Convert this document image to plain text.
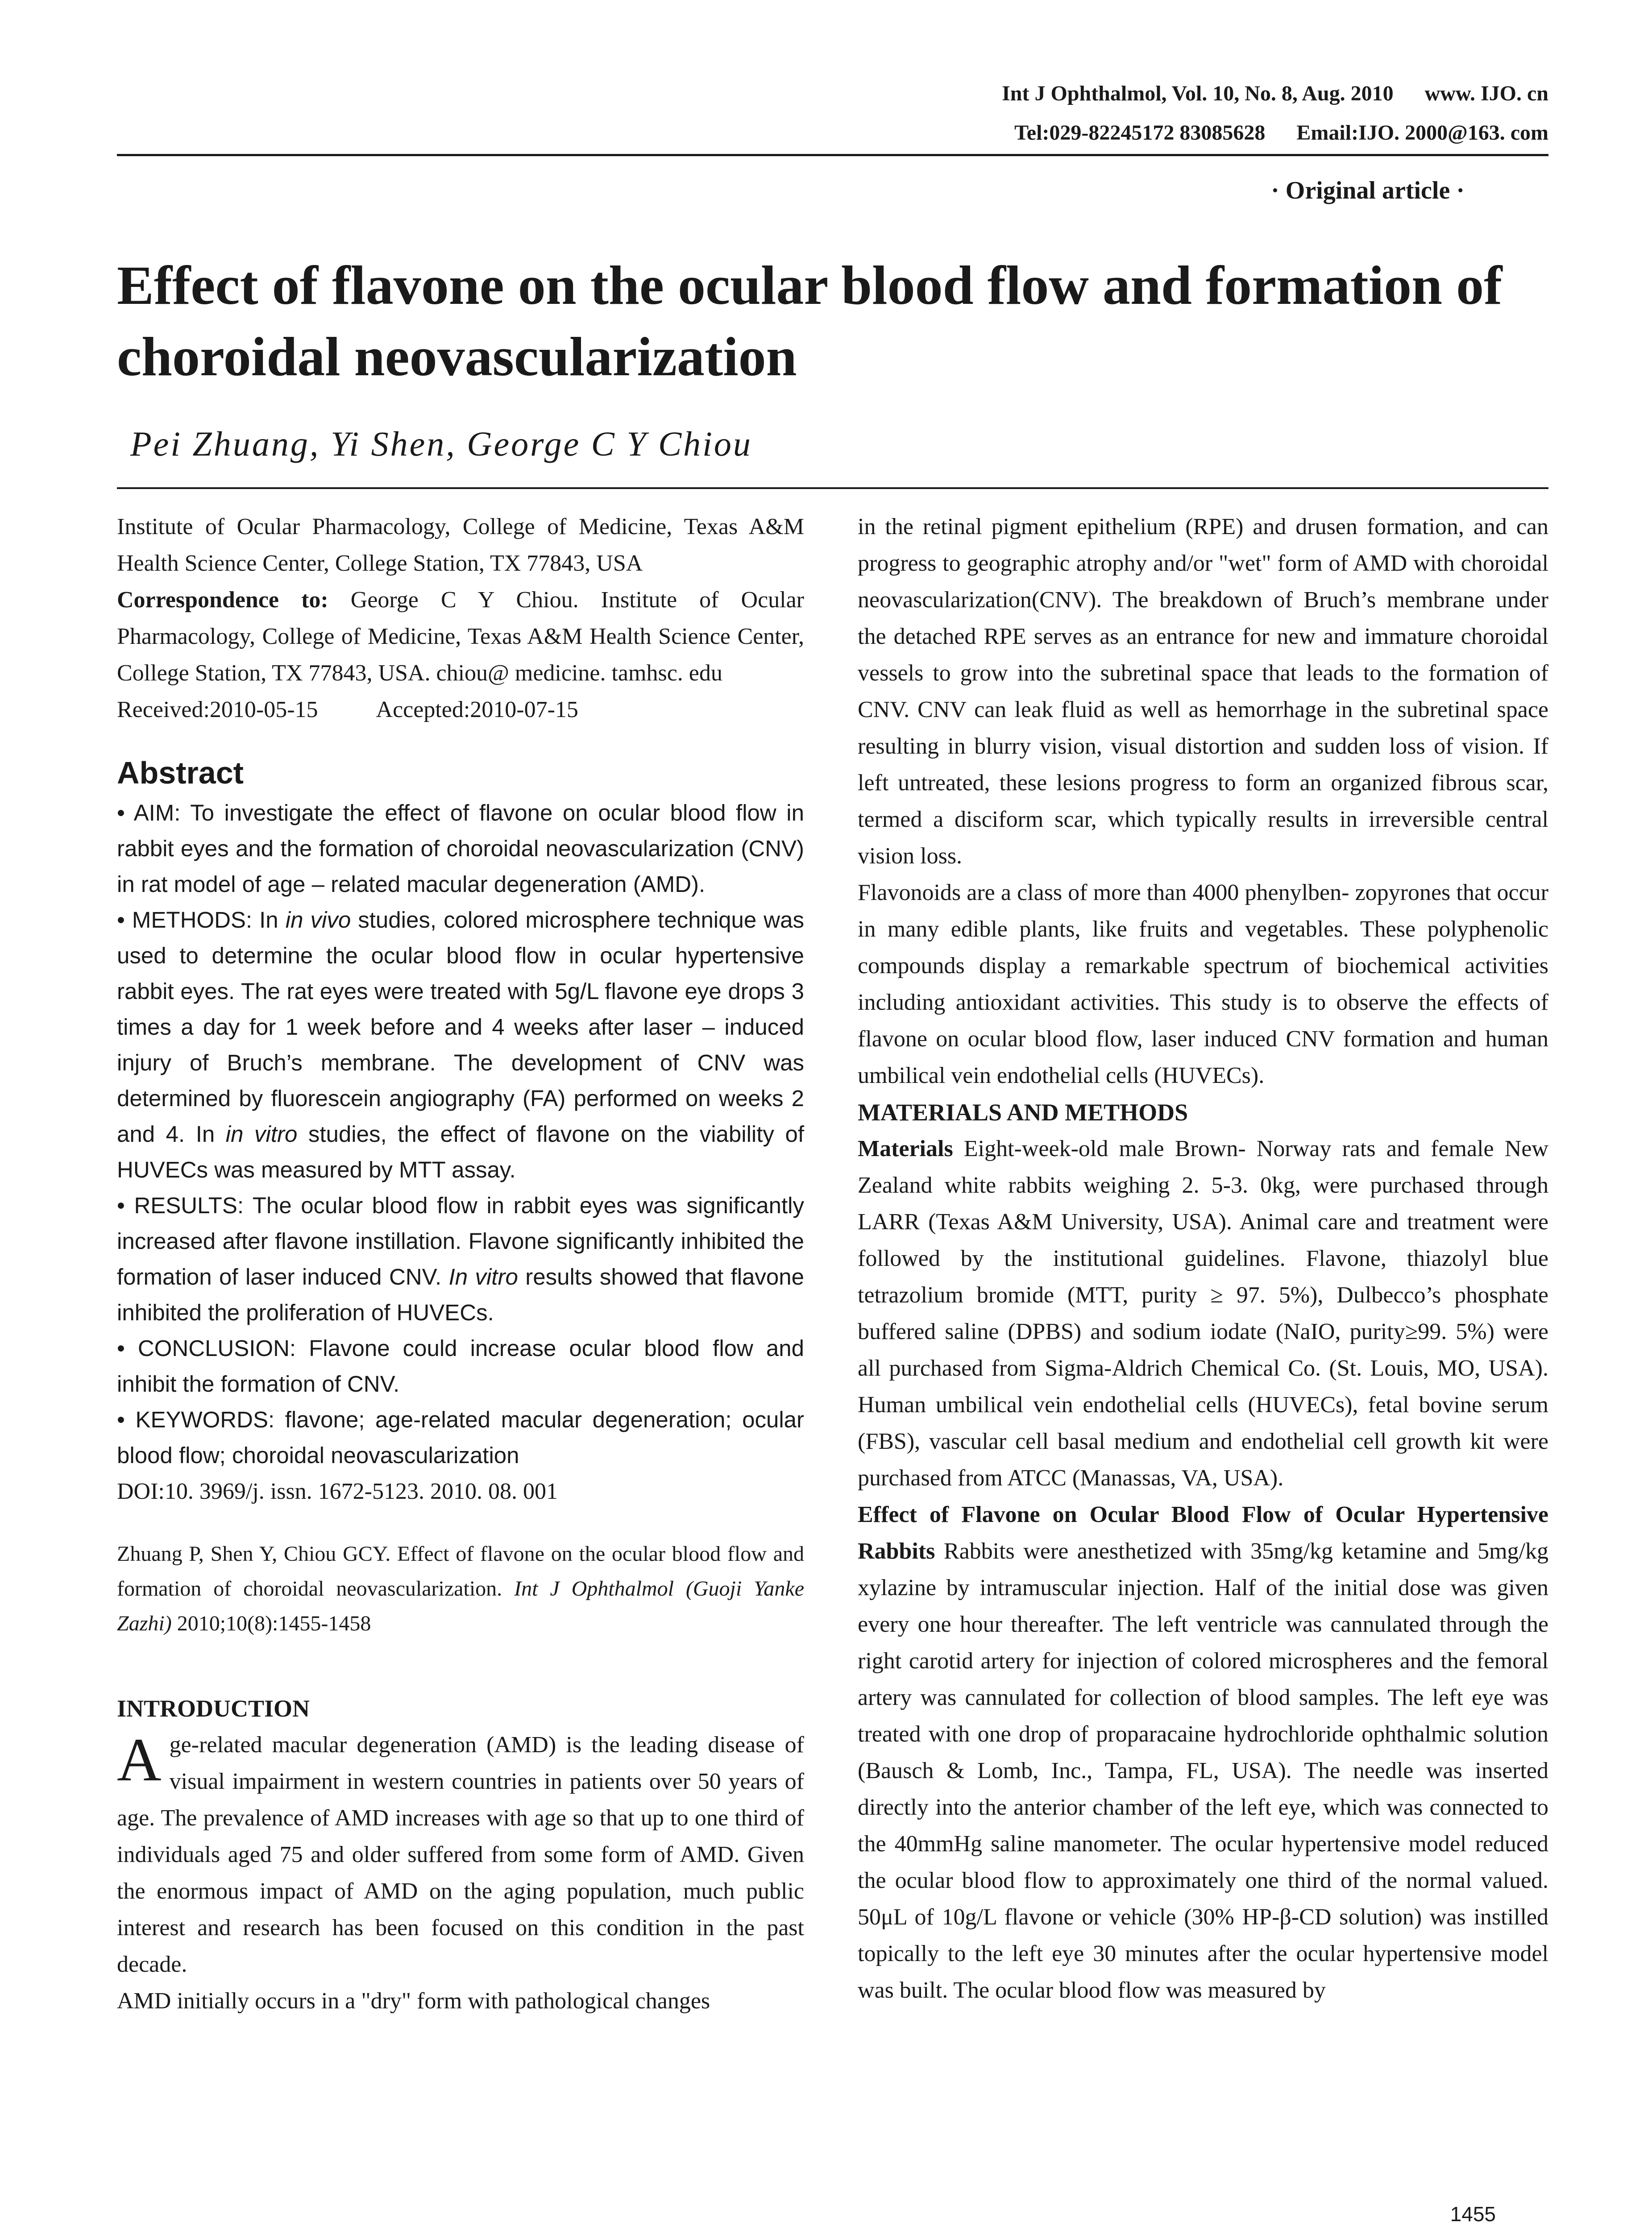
Int J Ophthalmol, Vol. 10, No. 8, Aug. 2010 www. IJO. cn
Tel:029-82245172 83085628 Email:IJO. 2000@163. com
· Original article ·
Effect of flavone on the ocular blood flow and formation of choroidal neovascularization
Pei Zhuang, Yi Shen, George C Y Chiou

Institute of Ocular Pharmacology, College of Medicine, Texas A&M Health Science Center, College Station, TX 77843, USA

Correspondence to: George C Y Chiou. Institute of Ocular Pharmacology, College of Medicine, Texas A&M Health Science Center, College Station, TX 77843, USA. chiou@ medicine. tamhsc. edu

Received:2010-05-15	Accepted:2010-07-15

Abstract

• AIM: To investigate the effect of flavone on ocular blood flow in rabbit eyes and the formation of choroidal neovascularization (CNV) in rat model of age – related macular degeneration (AMD).

• METHODS: In in vivo studies, colored microsphere technique was used to determine the ocular blood flow in ocular hypertensive rabbit eyes. The rat eyes were treated with 5g/L flavone eye drops 3 times a day for 1 week before and 4 weeks after laser – induced injury of Bruch’s membrane. The development of CNV was determined by fluorescein angiography (FA) performed on weeks 2 and 4. In in vitro studies, the effect of flavone on the viability of HUVECs was measured by MTT assay.

• RESULTS: The ocular blood flow in rabbit eyes was significantly increased after flavone instillation. Flavone significantly inhibited the formation of laser induced CNV. In vitro results showed that flavone inhibited the proliferation of HUVECs.

• CONCLUSION: Flavone could increase ocular blood flow and inhibit the formation of CNV.

• KEYWORDS: flavone; age-related macular degeneration; ocular blood flow; choroidal neovascularization

DOI:10. 3969/j. issn. 1672-5123. 2010. 08. 001

Zhuang P, Shen Y, Chiou GCY. Effect of flavone on the ocular blood flow and formation of choroidal neovascularization. Int J Ophthalmol (Guoji Yanke Zazhi) 2010;10(8):1455-1458

INTRODUCTION

Age-related macular degeneration (AMD) is the leading disease of visual impairment in western countries in patients over 50 years of age. The prevalence of AMD increases with age so that up to one third of individuals aged 75 and older suffered from some form of AMD. Given the enormous impact of AMD on the aging population, much public interest and research has been focused on this condition in the past decade.

AMD initially occurs in a "dry" form with pathological changes

in the retinal pigment epithelium (RPE) and drusen formation, and can progress to geographic atrophy and/or "wet" form of AMD with choroidal neovascularization(CNV). The breakdown of Bruch’s membrane under the detached RPE serves as an entrance for new and immature choroidal vessels to grow into the subretinal space that leads to the formation of CNV. CNV can leak fluid as well as hemorrhage in the subretinal space resulting in blurry vision, visual distortion and sudden loss of vision. If left untreated, these lesions progress to form an organized fibrous scar, termed a disciform scar, which typically results in irreversible central vision loss.

Flavonoids are a class of more than 4000 phenylben- zopyrones that occur in many edible plants, like fruits and vegetables. These polyphenolic compounds display a remarkable spectrum of biochemical activities including antioxidant activities. This study is to observe the effects of flavone on ocular blood flow, laser induced CNV formation and human umbilical vein endothelial cells (HUVECs).

MATERIALS AND METHODS

Materials Eight-week-old male Brown- Norway rats and female New Zealand white rabbits weighing 2. 5-3. 0kg, were purchased through LARR (Texas A&M University, USA). Animal care and treatment were followed by the institutional guidelines. Flavone, thiazolyl blue tetrazolium bromide (MTT, purity ≥ 97. 5%), Dulbecco’s phosphate buffered saline (DPBS) and sodium iodate (NaIO, purity≥99. 5%) were all purchased from Sigma-Aldrich Chemical Co. (St. Louis, MO, USA). Human umbilical vein endothelial cells (HUVECs), fetal bovine serum (FBS), vascular cell basal medium and endothelial cell growth kit were purchased from ATCC (Manassas, VA, USA).

Effect of Flavone on Ocular Blood Flow of Ocular Hypertensive Rabbits Rabbits were anesthetized with 35mg/kg ketamine and 5mg/kg xylazine by intramuscular injection. Half of the initial dose was given every one hour thereafter. The left ventricle was cannulated through the right carotid artery for injection of colored microspheres and the femoral artery was cannulated for collection of blood samples. The left eye was treated with one drop of proparacaine hydrochloride ophthalmic solution (Bausch & Lomb, Inc., Tampa, FL, USA). The needle was inserted directly into the anterior chamber of the left eye, which was connected to the 40mmHg saline manometer. The ocular hypertensive model reduced the ocular blood flow to approximately one third of the normal valued. 50μL of 10g/L flavone or vehicle (30% HP-β-CD solution) was instilled topically to the left eye 30 minutes after the ocular hypertensive model was built. The ocular blood flow was measured by

1455
